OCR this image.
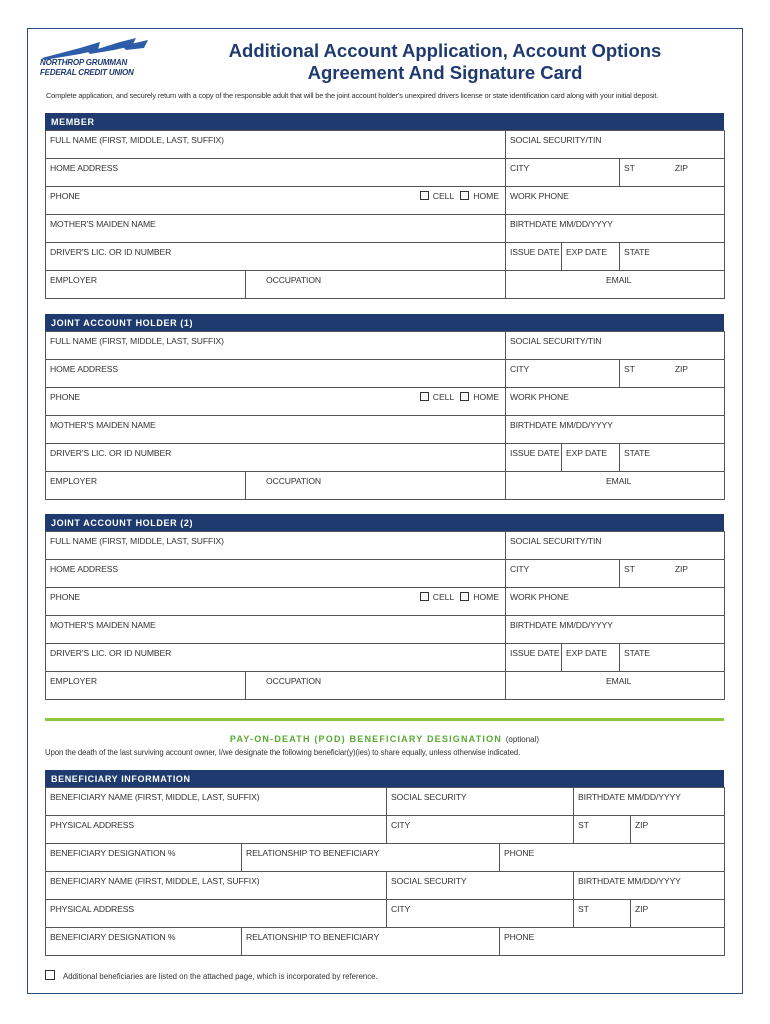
NORTHROP GRUMMAN
FEDERAL CREDIT UNION
Additional Account Application, Account Options
Agreement And Signature Card
Complete application, and securely return with a copy of the responsible adult that will be the joint account holder's unexpired drivers license or state identification card along with your initial deposit.
MEMBER
FULL NAME (FIRST, MIDDLE, LAST, SUFFIX)		SOCIAL SECURITY/TIN		

HOME ADDRESS		CITY		ST ZIP

PHONE CELL HOME		WORK PHONE		

MOTHER'S MAIDEN NAME		BIRTHDATE MM/DD/YYYY		

DRIVER'S LIC. OR ID NUMBER		ISSUE DATE	EXP DATE	STATE

EMPLOYER	OCCUPATION	EMAIL		
JOINT ACCOUNT HOLDER (1)
FULL NAME (FIRST, MIDDLE, LAST, SUFFIX)		SOCIAL SECURITY/TIN		

HOME ADDRESS		CITY		ST ZIP

PHONE CELL HOME		WORK PHONE		

MOTHER'S MAIDEN NAME		BIRTHDATE MM/DD/YYYY		

DRIVER'S LIC. OR ID NUMBER		ISSUE DATE	EXP DATE	STATE

EMPLOYER	OCCUPATION	EMAIL		
JOINT ACCOUNT HOLDER (2)
FULL NAME (FIRST, MIDDLE, LAST, SUFFIX)		SOCIAL SECURITY/TIN		

HOME ADDRESS		CITY		ST ZIP

PHONE CELL HOME		WORK PHONE		

MOTHER'S MAIDEN NAME		BIRTHDATE MM/DD/YYYY		

DRIVER'S LIC. OR ID NUMBER		ISSUE DATE	EXP DATE	STATE

EMPLOYER	OCCUPATION	EMAIL		
PAY-ON-DEATH (POD) BENEFICIARY DESIGNATION (optional)
Upon the death of the last surviving account owner, I/we designate the following beneficiar(y)(ies) to share equally, unless otherwise indicated.
BENEFICIARY INFORMATION
BENEFICIARY NAME (FIRST, MIDDLE, LAST, SUFFIX)		SOCIAL SECURITY		BIRTHDATE MM/DD/YYYY	

PHYSICAL ADDRESS		CITY		ST	ZIP

BENEFICIARY DESIGNATION %	RELATIONSHIP TO BENEFICIARY		PHONE		

BENEFICIARY NAME (FIRST, MIDDLE, LAST, SUFFIX)		SOCIAL SECURITY		BIRTHDATE MM/DD/YYYY	

PHYSICAL ADDRESS		CITY		ST	ZIP

BENEFICIARY DESIGNATION %	RELATIONSHIP TO BENEFICIARY		PHONE		
Additional beneficiaries are listed on the attached page, which is incorporated by reference.
